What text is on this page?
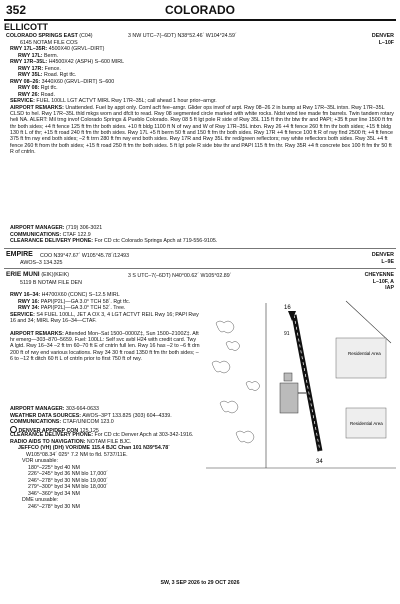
352	COLORADO
ELLICOTT
COLORADO SPRINGS EAST (C04)	3 NW UTC–7(–6DT) N38°52.46´ W104°24.59´	DENVER
6145 NOTAM FILE COS	L–10F
RWY 17L–35R: 4500X40 (GRVL–DIRT)
RWY 17L: Berm.
RWY 17R–35L: H4500X42 (ASPH) S–600 MIRL
RWY 17R: Fence.
RWY 35L: Road. Rgt tfc.
RWY 08–26: 3440X60 (GRVL–DIRT) S–600
RWY 08: Rgt tfc.
RWY 26: Road.
SERVICE: FUEL 100LL LGT ACTVT MIRL Rwy 17R–35L; call ahead 1 hour prior–arngr.
AIRPORT REMARKS: Unattended. Fuel by appt only. Coml acft fee–arngr. Glider ops invof of arpt. Rwy 08–26 2 in bump at Rwy 17R–35L intxn. Rwy 17R–35L CLSD to hel. Rwy 17R–35L thld mkgs worn and dfclt to read. Rwy 08 segmented circle marked with white rocks. Ndst wind tee made fm barrels. Twin tandem rotary heli NA. ALERT: Mil trng invof Colorado Springs & Pueblo Colorado. Rwy 08 5 ft lgt pole R side of Rwy 35L 115 ft thn thr btw thr and PAPI; +35 ft pwr line 1500 ft fm thr both sides; +4 ft fence 125 ft fm thr both sides. +10 ft bldg 1100 ft N of rwy and W of Rwy 17R–35L intxn. Rwy 26 +4 ft fence 260 ft fm thr both sides; +15 ft bldg 130 ft L of thr; +15 ft road 240 ft fm thr both sides. Rwy 17L +5 ft berm 50 ft and 150 ft fm thr both sides. Rwy 17R +4 ft fence 100 ft R of rwy find 2500 ft; +4 ft fence 375 ft fm rwy end both sides; –2 ft trrn 280 ft fm rwy end both sides. Rwy 17R and Rwy 35L thr red/green reflectors; rwy white reflectors both sides. Rwy 35L +4 ft fence 260 ft from thr both sides; +15 ft road 250 ft fm thr both sides. 5 ft lgt pole R side btw thr and PAPI 115 ft fm thr. Rwy 35R +4 ft concrete box 100 ft fm thr 50 ft R of cntrln.
AIRPORT MANAGER: (719) 306-3021
COMMUNICATIONS: CTAF 122.9
CLEARANCE DELIVERY PHONE: For CD ctc Colorado Springs Apch at 719-556-9105.
EMPIRE COO N39°47.67´ W105°45.78´/12493	DENVER
AWOS–3 134.325	L–9E
ERIE MUNI (EIK)(KEIK)	3 S UTC–7(–6DT) N40°00.62´ W105°02.89´	CHEYENNE
5119 B NOTAM FILE DEN	L–10F, A
IAP
RWY 16–34: H4700X60 (CONC) S–12.5 MIRL
RWY 16: PAPI(P2L)—GA 3.0° TCH 58´. Rgt tfc.
RWY 34: PAPI(P2L)—GA 3.0° TCH 52´. Tree.
SERVICE: S4 FUEL 100LL, JET A OX 3, 4 LGT ACTVT REIL Rwy 16; PAPI Rwy 16 and 34; MIRL Rwy 16–34—CTAF.
AIRPORT REMARKS: Attended Mon–Sat 1500–0000Z‡, Sun 1500–2100Z‡. Aft hr emerg—303–870–5659. Fuel: 100LL: Self svc avbl H24 with credit card. Twy A lgtd. Rwy 16–34 –2 ft trn 60–70 ft E of cntrln full len. Rwy 16 has –2 to –6 ft drn 200 ft of rwy end various locations. Rwy 34 30 ft road 1350 ft fm thr both sides; –6 to –12 ft ditch 60 ft L of cntrln prior to first 750 ft of rwy.
AIRPORT MANAGER: 303-664-0633
WEATHER DATA SOURCES: AWOS–3PT 133.825 (303) 604–4339.
COMMUNICATIONS: CTAF/UNICOM 123.0
DENVER APP/DEP CON 125.125
CLEARANCE DELIVERY PHONE: For CD ctc Denver Apch at 303-342-1916.
RADIO AIDS TO NAVIGATION: NOTAM FILE BJC.
JEFFCO (VH) (DH) VOR/DME 115.4 BJC Chan 101 N39°54.78´
W105°08.34´ 025° 7.2 NM to fld. 5737/11E.
VOR unusable:
180°–225° byd 40 NM
226°–245° byd 36 NM blo 17,000´
246°–278° byd 30 NM blo 19,000´
279°–300° byd 34 NM blo 18,000´
346°–360° byd 34 NM
DME unusable:
246°–278° byd 30 NM
16
34
91
Residential Area
Residential Area
SW, 3 SEP 2026 to 29 OCT 2026
